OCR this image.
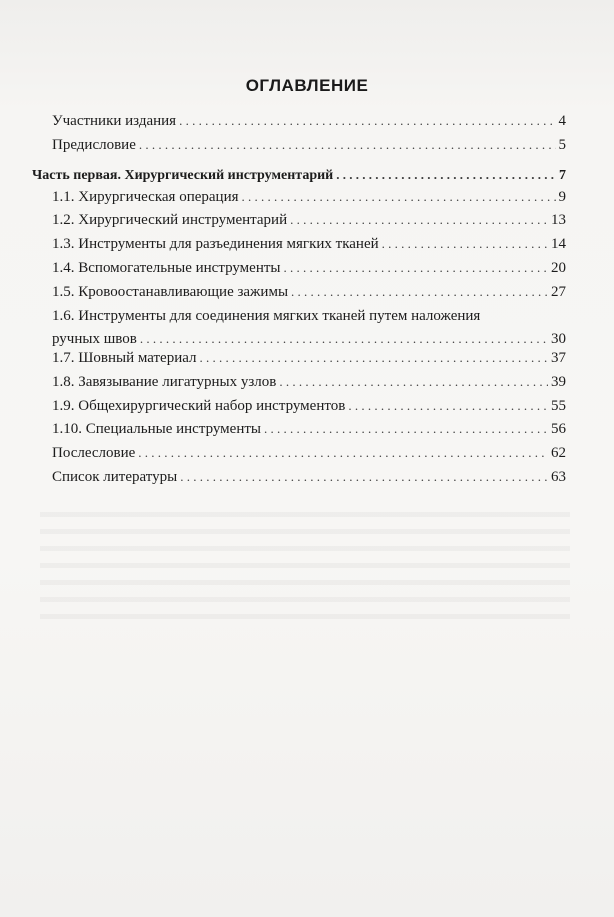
ОГЛАВЛЕНИЕ
Участники издания . . .	4
Предисловие . . .	5
Часть первая. Хирургический инструментарий . . .	7
1.1. Хирургическая операция . . .	9
1.2. Хирургический инструментарий . . .	13
1.3. Инструменты для разъединения мягких тканей . . .	14
1.4. Вспомогательные инструменты . . .	20
1.5. Кровоостанавливающие зажимы . . .	27
1.6. Инструменты для соединения мягких тканей путем наложения
ручных швов . . .	30
1.7. Шовный материал . . .	37
1.8. Завязывание лигатурных узлов . . .	39
1.9. Общехирургический набор инструментов . . .	55
1.10. Специальные инструменты . . .	56
Послесловие . . .	62
Список литературы . . .	63
